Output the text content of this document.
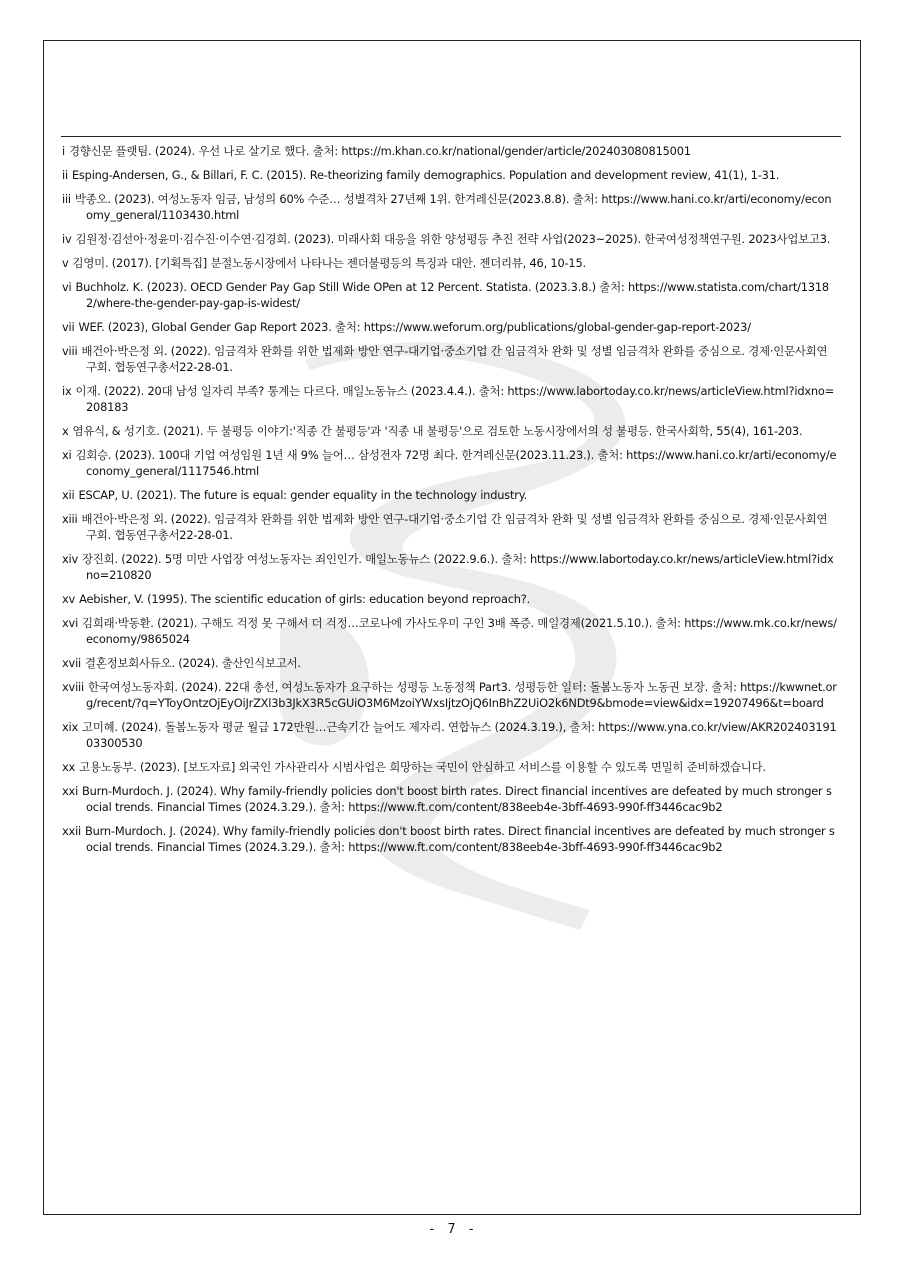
i 경향신문 플랫팀. (2024). 우선 나로 살기로 했다. 출처: https://m.khan.co.kr/national/gender/article/202403080815001
ii Esping-Andersen, G., & Billari, F. C. (2015). Re-theorizing family demographics. Population and development review, 41(1), 1-31.
iii 박종오. (2023). 여성노동자 임금, 남성의 60% 수준… 성별격차 27년째 1위. 한겨레신문(2023.8.8). 출처: https://www.hani.co.kr/arti/economy/economy_general/1103430.html
iv 김원정·김선아·정윤미·김수진·이수연·김경희. (2023). 미래사회 대응을 위한 양성평등 추진 전략 사업(2023~2025). 한국여성정책연구원. 2023사업보고3.
v 김영미. (2017). [기획특집] 분절노동시장에서 나타나는 젠더불평등의 특징과 대안. 젠더리뷰, 46, 10-15.
vi Buchholz. K. (2023). OECD Gender Pay Gap Still Wide OPen at 12 Percent. Statista. (2023.3.8.) 출처: https://www.statista.com/chart/13182/where-the-gender-pay-gap-is-widest/
vii WEF. (2023), Global Gender Gap Report 2023. 출처: https://www.weforum.org/publications/global-gender-gap-report-2023/
viii 배건아·박은정 외. (2022). 임금격차 완화를 위한 법제화 방안 연구-대기업·중소기업 간 임금격차 완화 및 성별 임금격차 완화를 중심으로. 경제·인문사회연구회. 협동연구총서22-28-01.
ix 이재. (2022). 20대 남성 일자리 부족? 통계는 다르다. 매일노동뉴스 (2023.4.4.). 출처: https://www.labortoday.co.kr/news/articleView.html?idxno=208183
x 염유식, & 성기호. (2021). 두 불평등 이야기:'직종 간 불평등'과 '직종 내 불평등'으로 검토한 노동시장에서의 성 불평등. 한국사회학, 55(4), 161-203.
xi 김회승. (2023). 100대 기업 여성임원 1년 새 9% 늘어… 삼성전자 72명 최다. 한겨레신문(2023.11.23.). 출처: https://www.hani.co.kr/arti/economy/economy_general/1117546.html
xii ESCAP, U. (2021). The future is equal: gender equality in the technology industry.
xiii 배건아·박은정 외. (2022). 임금격차 완화를 위한 법제화 방안 연구-대기업·중소기업 간 임금격차 완화 및 성별 임금격차 완화를 중심으로. 경제·인문사회연구회. 협동연구총서22-28-01.
xiv 장진희. (2022). 5명 미만 사업장 여성노동자는 죄인인가. 매일노동뉴스 (2022.9.6.). 출처: https://www.labortoday.co.kr/news/articleView.html?idxno=210820
xv Aebisher, V. (1995). The scientific education of girls: education beyond reproach?.
xvi 김희래·박동환. (2021). 구해도 걱정 못 구해서 더 걱정…코로나에 가사도우미 구인 3배 폭증. 매일경제(2021.5.10.). 출처: https://www.mk.co.kr/news/economy/9865024
xvii 결혼정보회사듀오. (2024). 출산인식보고서.
xviii 한국여성노동자회. (2024). 22대 총선, 여성노동자가 요구하는 성평등 노동정책 Part3. 성평등한 일터: 돌봄노동자 노동권 보장. 출처: https://kwwnet.org/recent/?q=YToyOntzOjEyOiJrZXl3b3JkX3R5cGUiO3M6MzoiYWxsIjtzOjQ6InBhZ2UiO2k6NDt9&bmode=view&idx=19207496&t=board
xix 고미혜. (2024). 돌봄노동자 평균 월급 172만원…근속기간 늘어도 제자리. 연합뉴스 (2024.3.19.), 출처: https://www.yna.co.kr/view/AKR20240319103300530
xx 고용노동부. (2023). [보도자료] 외국인 가사관리사 시범사업은 희망하는 국민이 안심하고 서비스를 이용할 수 있도록 면밀히 준비하겠습니다.
xxi Burn-Murdoch. J. (2024). Why family-friendly policies don't boost birth rates. Direct financial incentives are defeated by much stronger social trends. Financial Times (2024.3.29.). 출처: https://www.ft.com/content/838eeb4e-3bff-4693-990f-ff3446cac9b2
xxii Burn-Murdoch. J. (2024). Why family-friendly policies don't boost birth rates. Direct financial incentives are defeated by much stronger social trends. Financial Times (2024.3.29.). 출처: https://www.ft.com/content/838eeb4e-3bff-4693-990f-ff3446cac9b2
- 7 -
